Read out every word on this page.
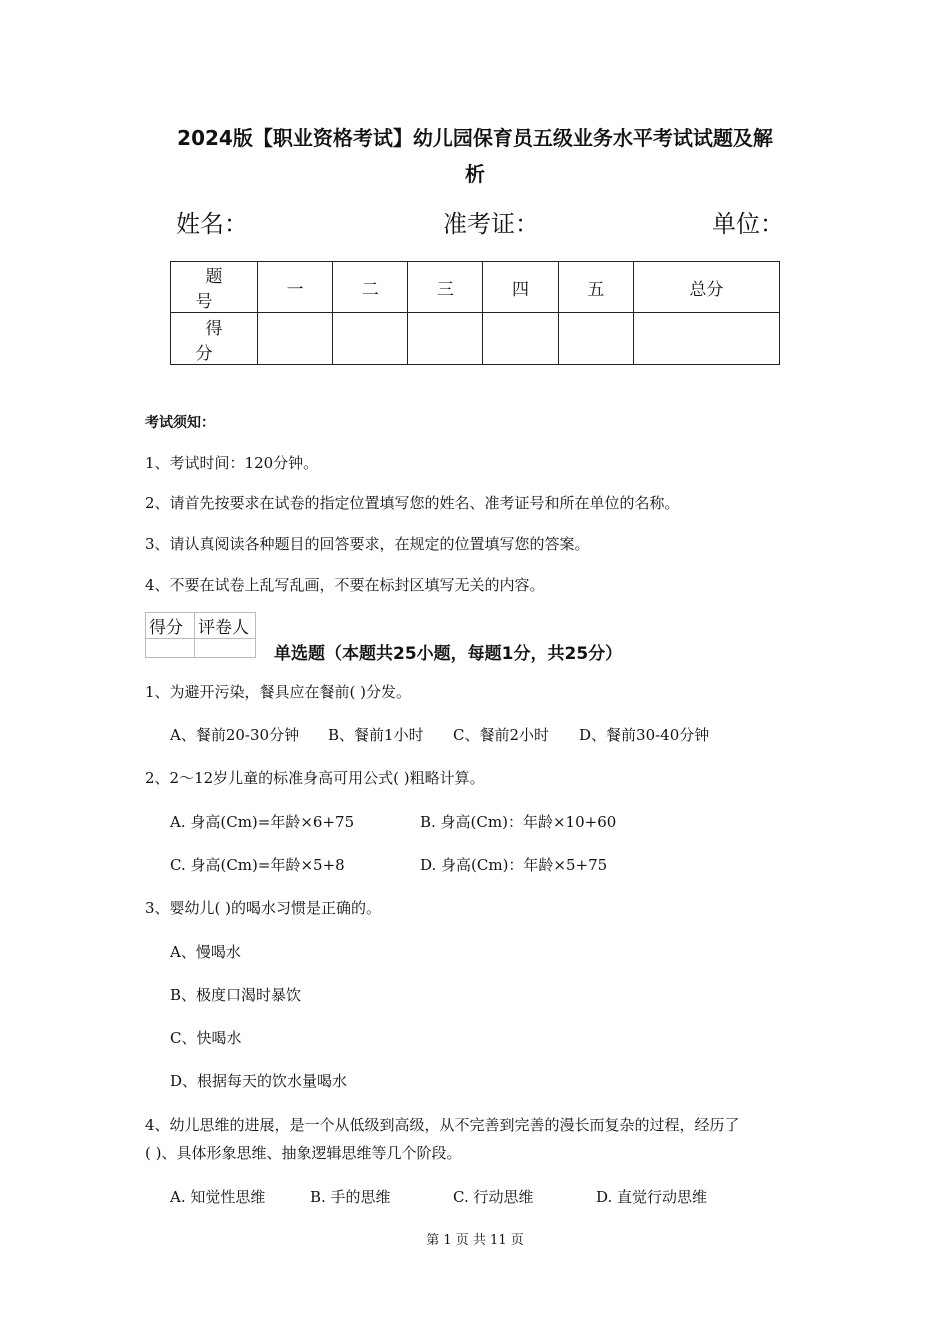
2024版【职业资格考试】幼儿园保育员五级业务水平考试试题及解
析
姓名：	准考证：	单位：
题 号	一	二	三	四	五	总分
得 分						
考试须知：
1、考试时间：120分钟。
2、请首先按要求在试卷的指定位置填写您的姓名、准考证号和所在单位的名称。
3、请认真阅读各种题目的回答要求，在规定的位置填写您的答案。
4、不要在试卷上乱写乱画，不要在标封区填写无关的内容。
得分	评卷人

单选题（本题共25小题，每题1分，共25分）
1、为避开污染，餐具应在餐前( )分发。
A、餐前20-30分钟 B、餐前1小时 C、餐前2小时 D、餐前30-40分钟
2、2～12岁儿童的标准身高可用公式( )粗略计算。
A. 身高(Cm)=年龄×6+75	B. 身高(Cm)：年龄×10+60
C. 身高(Cm)=年龄×5+8	D. 身高(Cm)：年龄×5+75
3、婴幼儿( )的喝水习惯是正确的。
A、慢喝水
B、极度口渴时暴饮
C、快喝水
D、根据每天的饮水量喝水
4、幼儿思维的进展，是一个从低级到高级，从不完善到完善的漫长而复杂的过程，经历了
( )、具体形象思维、抽象逻辑思维等几个阶段。
A. 知觉性思维	B. 手的思维	C. 行动思维	D. 直觉行动思维
第 1 页 共 11 页
